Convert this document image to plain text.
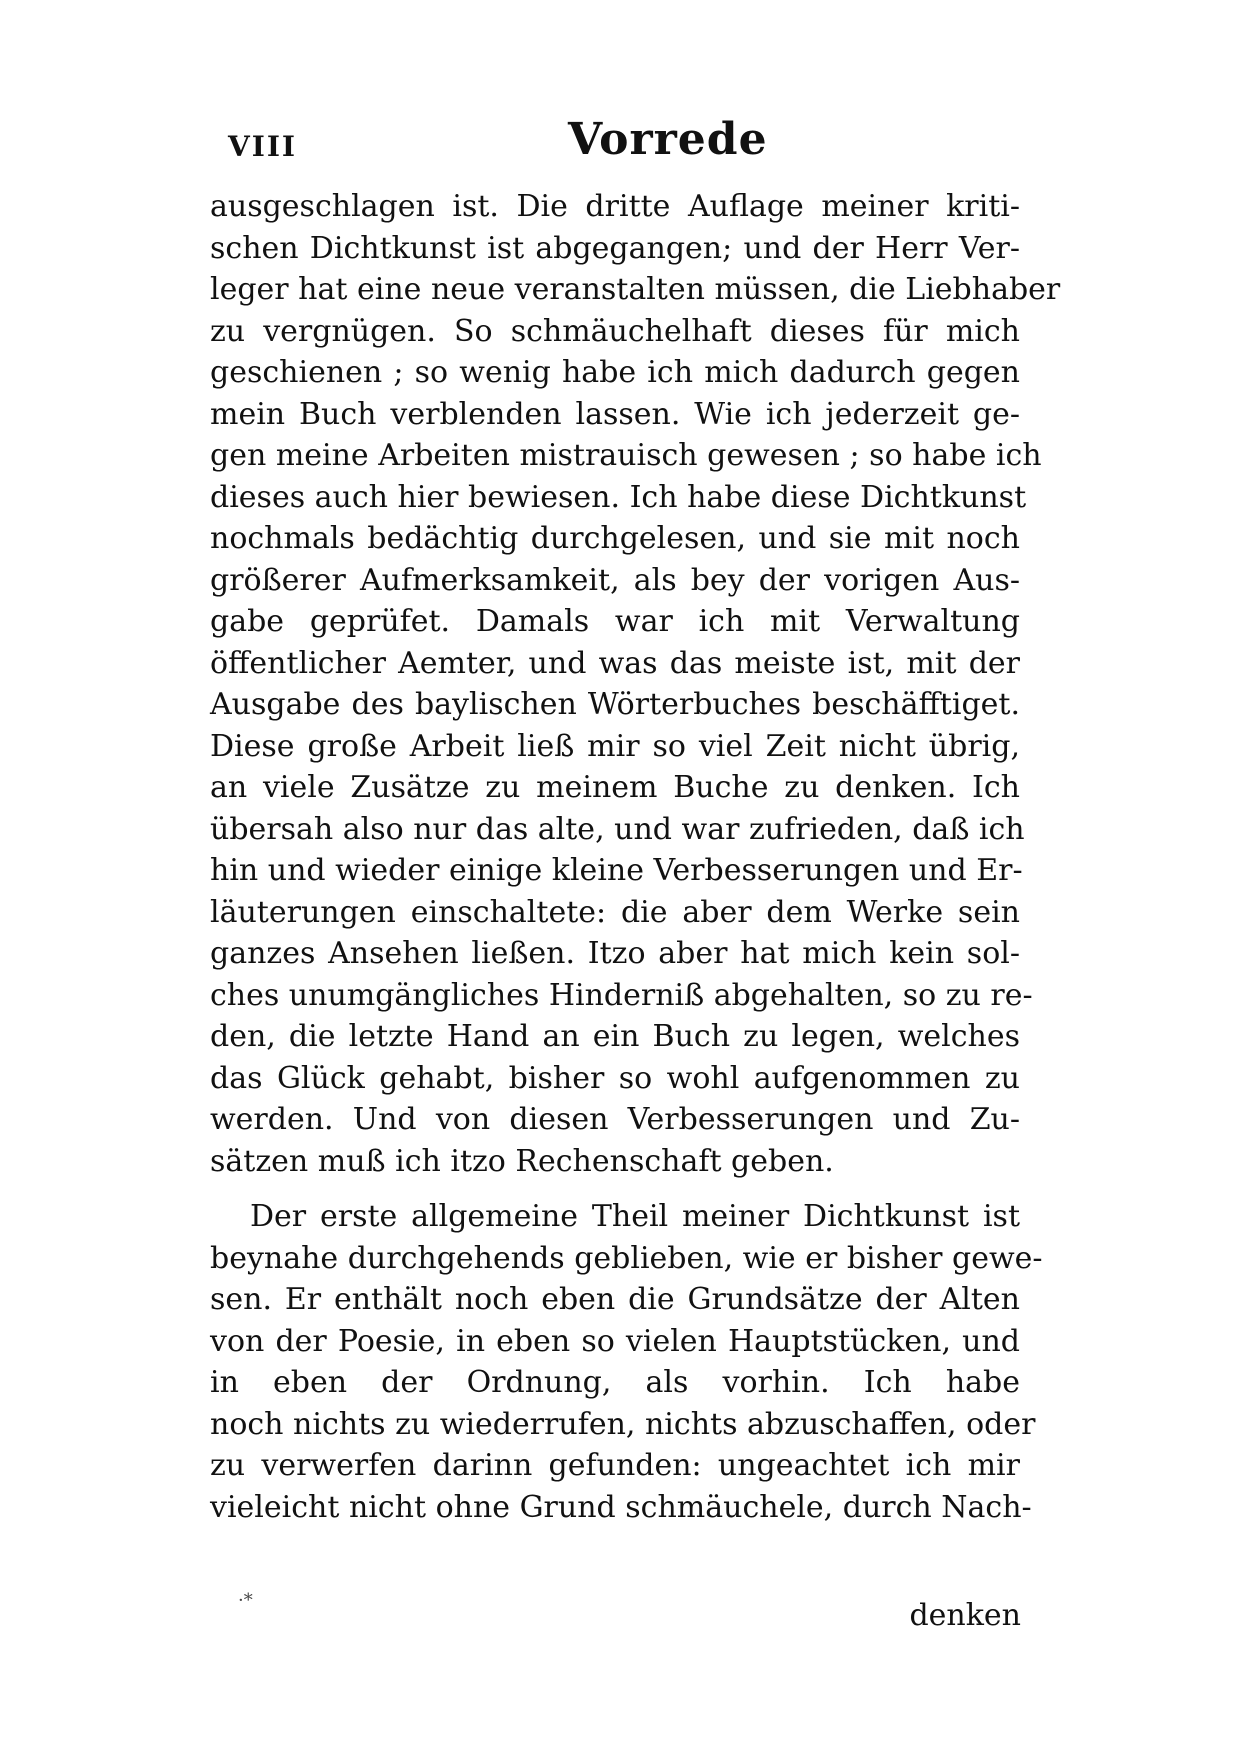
VIII	Vorrede
ausgeschlagen ist. Die dritte Auflage meiner kriti-
schen Dichtkunst ist abgegangen; und der Herr Ver-
leger hat eine neue veranstalten müssen, die Liebhaber
zu vergnügen. So schmäuchelhaft dieses für mich
geschienen ; so wenig habe ich mich dadurch gegen
mein Buch verblenden lassen. Wie ich jederzeit ge-
gen meine Arbeiten mistrauisch gewesen ; so habe ich
dieses auch hier bewiesen. Ich habe diese Dichtkunst
nochmals bedächtig durchgelesen, und sie mit noch
größerer Aufmerksamkeit, als bey der vorigen Aus-
gabe geprüfet. Damals war ich mit Verwaltung
öffentlicher Aemter, und was das meiste ist, mit der
Ausgabe des baylischen Wörterbuches beschäfftiget.
Diese große Arbeit ließ mir so viel Zeit nicht übrig,
an viele Zusätze zu meinem Buche zu denken. Ich
übersah also nur das alte, und war zufrieden, daß ich
hin und wieder einige kleine Verbesserungen und Er-
läuterungen einschaltete: die aber dem Werke sein
ganzes Ansehen ließen. Itzo aber hat mich kein sol-
ches unumgängliches Hinderniß abgehalten, so zu re-
den, die letzte Hand an ein Buch zu legen, welches
das Glück gehabt, bisher so wohl aufgenommen zu
werden. Und von diesen Verbesserungen und Zu-
sätzen muß ich itzo Rechenschaft geben.
Der erste allgemeine Theil meiner Dichtkunst ist
beynahe durchgehends geblieben, wie er bisher gewe-
sen. Er enthält noch eben die Grundsätze der Alten
von der Poesie, in eben so vielen Hauptstücken, und
in eben der Ordnung, als vorhin. Ich habe
noch nichts zu wiederrufen, nichts abzuschaffen, oder
zu verwerfen darinn gefunden: ungeachtet ich mir
vieleicht nicht ohne Grund schmäuchele, durch Nach-
·*	denken
